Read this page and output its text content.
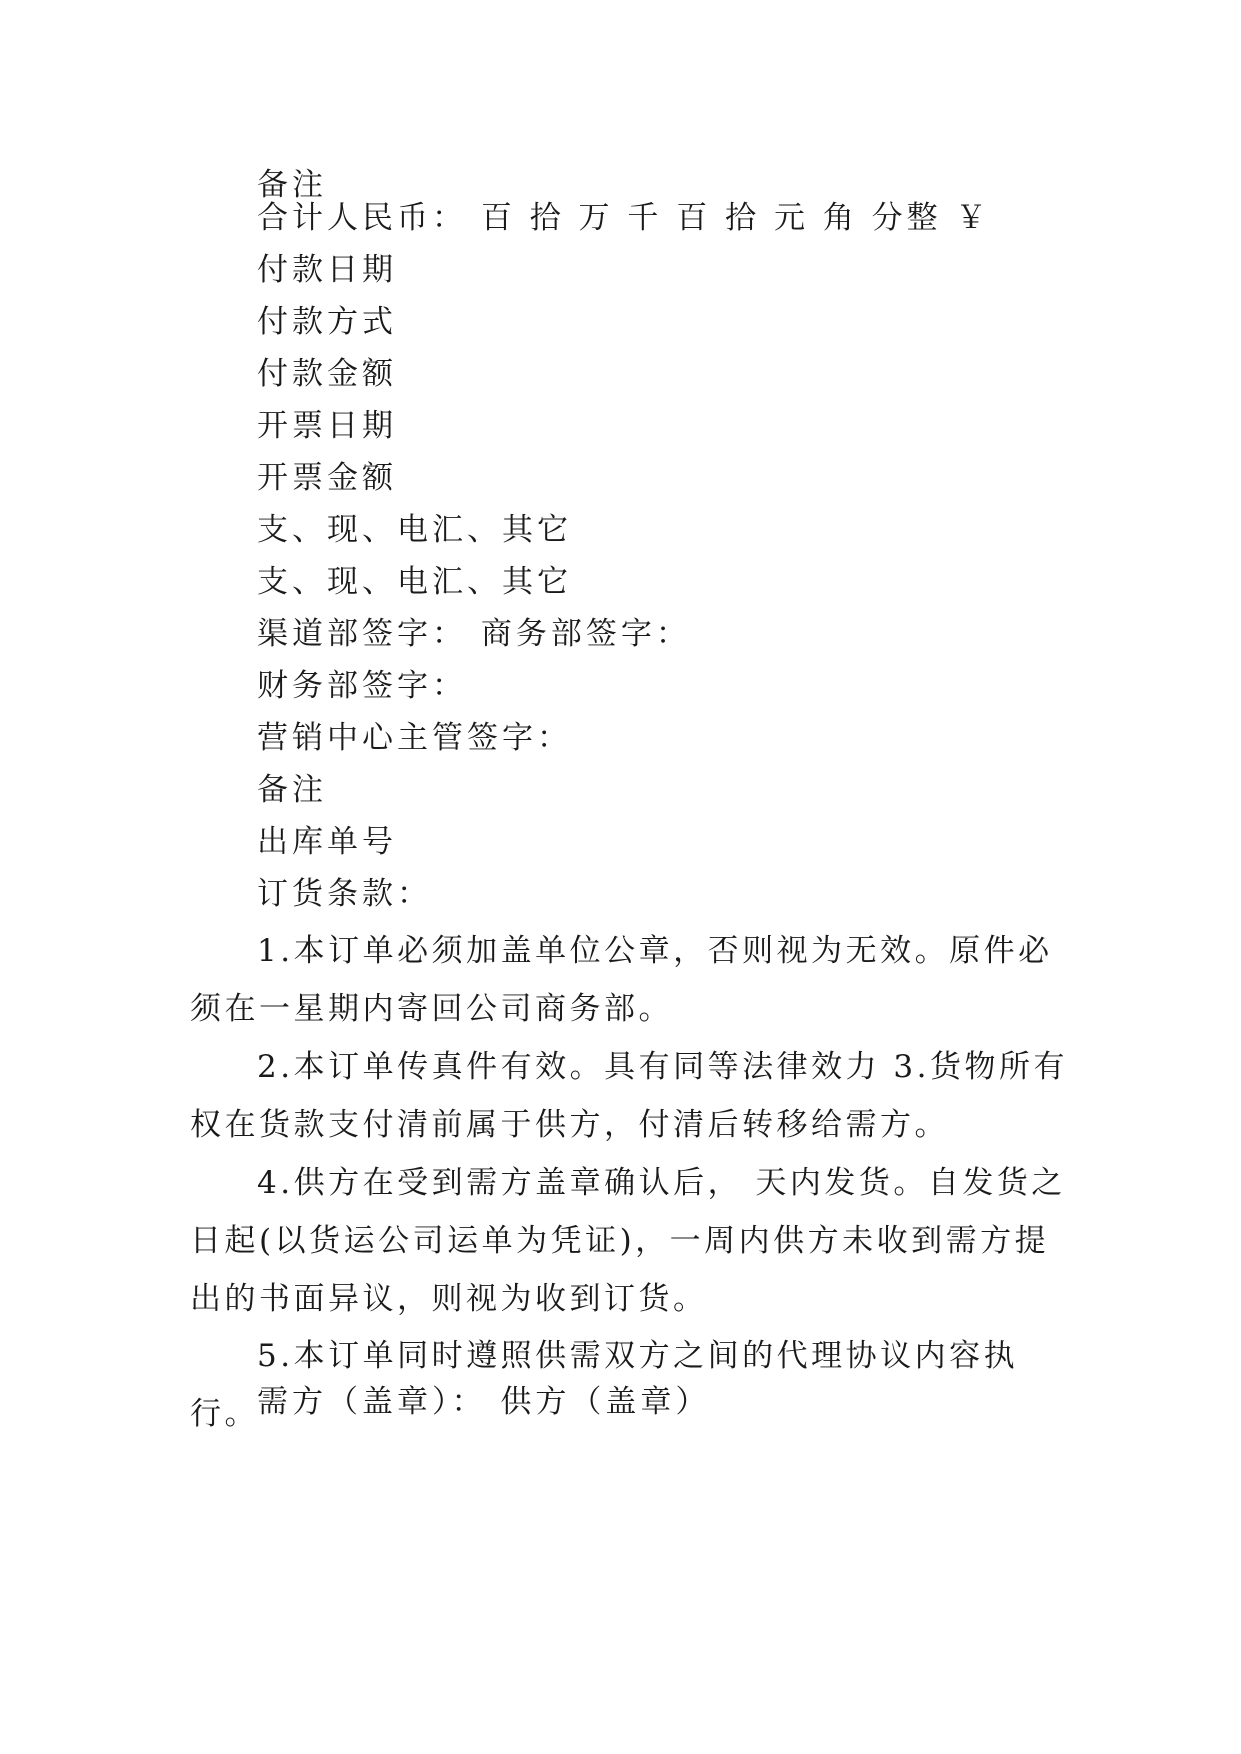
备注
合计人民币： 百 拾 万 千 百 拾 元 角 分整 ￥
付款日期
付款方式
付款金额
开票日期
开票金额
支、现、电汇、其它
支、现、电汇、其它
渠道部签字： 商务部签字：
财务部签字：
营销中心主管签字：
备注
出库单号
订货条款：

1.本订单必须加盖单位公章，否则视为无效。原件必须在一星期内寄回公司商务部。

2.本订单传真件有效。具有同等法律效力 3.货物所有权在货款支付清前属于供方，付清后转移给需方。

4.供方在受到需方盖章确认后， 天内发货。自发货之日起(以货运公司运单为凭证)，一周内供方未收到需方提出的书面异议，则视为收到订货。

5.本订单同时遵照供需双方之间的代理协议内容执行。

需方（盖章）： 供方（盖章）
